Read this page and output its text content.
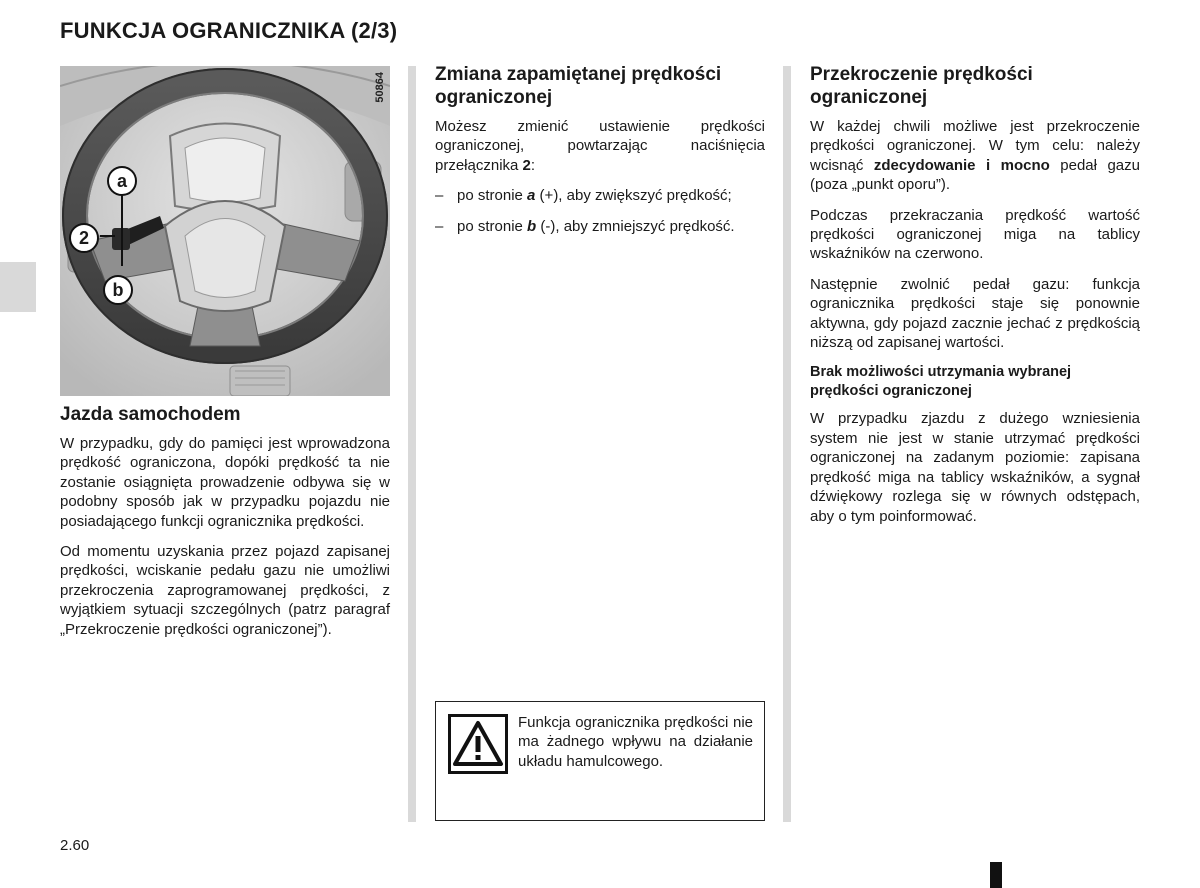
FUNKCJA OGRANICZNIKA (2/3)
50864
a
2
b
Jazda samochodem

W przypadku, gdy do pamięci jest wprowadzona prędkość ograniczona, dopóki prędkość ta nie zostanie osiągnięta prowadzenie odbywa się w podobny sposób jak w przypadku pojazdu nie posiadającego funkcji ogranicznika prędkości.

Od momentu uzyskania przez pojazd zapisanej prędkości, wciskanie pedału gazu nie umożliwi przekroczenia zaprogramowanej prędkości, z wyjątkiem sytuacji szczególnych (patrz paragraf „Przekroczenie prędkości ograniczonej”).

Zmiana zapamiętanej prędkości ograniczonej

Możesz zmienić ustawienie prędkości ograniczonej, powtarzając naciśnięcia przełącznika 2:

– po stronie a (+), aby zwiększyć prędkość;
– po stronie b (-), aby zmniejszyć prędkość.
Funkcja ogranicznika prędkości nie ma żadnego wpływu na działanie układu hamulcowego.
Przekroczenie prędkości ograniczonej

W każdej chwili możliwe jest przekroczenie prędkości ograniczonej. W tym celu: należy wcisnąć zdecydowanie i mocno pedał gazu (poza „punkt oporu”).

Podczas przekraczania prędkość wartość prędkości ograniczonej miga na tablicy wskaźników na czerwono.

Następnie zwolnić pedał gazu: funkcja ogranicznika prędkości staje się ponownie aktywna, gdy pojazd zacznie jechać z prędkością niższą od zapisanej wartości.

Brak możliwości utrzymania wybranej prędkości ograniczonej

W przypadku zjazdu z dużego wzniesienia system nie jest w stanie utrzymać prędkości ograniczonej na zadanym poziomie: zapisana prędkość miga na tablicy wskaźników, a sygnał dźwiękowy rozlega się w równych odstępach, aby o tym poinformować.

2.60
